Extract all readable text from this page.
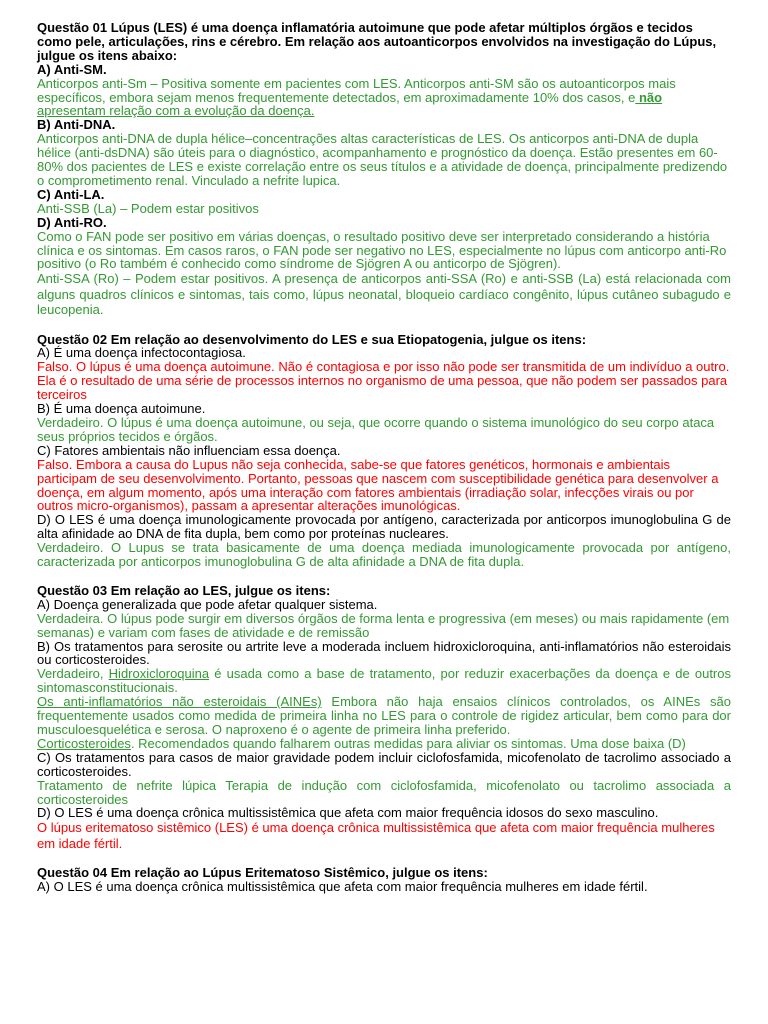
Questão 01 Lúpus (LES) é uma doença inflamatória autoimune que pode afetar múltiplos órgãos e tecidos como pele, articulações, rins e cérebro. Em relação aos autoanticorpos envolvidos na investigação do Lúpus, julgue os itens abaixo:

A) Anti-SM.

Anticorpos anti-Sm – Positiva somente em pacientes com LES. Anticorpos anti-SM são os autoanticorpos mais específicos, embora sejam menos frequentemente detectados, em aproximadamente 10% dos casos, e não apresentam relação com a evolução da doença.

B) Anti-DNA.

Anticorpos anti-DNA de dupla hélice–concentrações altas características de LES. Os anticorpos anti-DNA de dupla hélice (anti-dsDNA) são úteis para o diagnóstico, acompanhamento e prognóstico da doença. Estão presentes em 60-80% dos pacientes de LES e existe correlação entre os seus títulos e a atividade de doença, principalmente predizendo o comprometimento renal. Vinculado a nefrite lupica.

C) Anti-LA.

Anti-SSB (La) – Podem estar positivos

D) Anti-RO.

Como o FAN pode ser positivo em várias doenças, o resultado positivo deve ser interpretado considerando a história clínica e os sintomas. Em casos raros, o FAN pode ser negativo no LES, especialmente no lúpus com anticorpo anti-Ro positivo (o Ro também é conhecido como síndrome de Sjögren A ou anticorpo de Sjögren).

Anti-SSA (Ro) – Podem estar positivos. A presença de anticorpos anti-SSA (Ro) e anti-SSB (La) está relacionada com alguns quadros clínicos e sintomas, tais como, lúpus neonatal, bloqueio cardíaco congênito, lúpus cutâneo subagudo e leucopenia.

Questão 02 Em relação ao desenvolvimento do LES e sua Etiopatogenia, julgue os itens:

A) É uma doença infectocontagiosa.

Falso. O lúpus é uma doença autoimune. Não é contagiosa e por isso não pode ser transmitida de um indivíduo a outro. Ela é o resultado de uma série de processos internos no organismo de uma pessoa, que não podem ser passados para terceiros

B) É uma doença autoimune.

Verdadeiro. O lúpus é uma doença autoimune, ou seja, que ocorre quando o sistema imunológico do seu corpo ataca seus próprios tecidos e órgãos.

C) Fatores ambientais não influenciam essa doença.

Falso. Embora a causa do Lupus não seja conhecida, sabe-se que fatores genéticos, hormonais e ambientais participam de seu desenvolvimento. Portanto, pessoas que nascem com susceptibilidade genética para desenvolver a doença, em algum momento, após uma interação com fatores ambientais (irradiação solar, infecções virais ou por outros micro-organismos), passam a apresentar alterações imunológicas.

D) O LES é uma doença imunologicamente provocada por antígeno, caracterizada por anticorpos imunoglobulina G de alta afinidade ao DNA de fita dupla, bem como por proteínas nucleares.

Verdadeiro. O Lupus se trata basicamente de uma doença mediada imunologicamente provocada por antígeno, caracterizada por anticorpos imunoglobulina G de alta afinidade a DNA de fita dupla.

Questão 03 Em relação ao LES, julgue os itens:

A) Doença generalizada que pode afetar qualquer sistema.

Verdadeira. O lúpus pode surgir em diversos órgãos de forma lenta e progressiva (em meses) ou mais rapidamente (em semanas) e variam com fases de atividade e de remissão

B) Os tratamentos para serosite ou artrite leve a moderada incluem hidroxicloroquina, anti-inflamatórios não esteroidais ou corticosteroides.

Verdadeiro, Hidroxicloroquina é usada como a base de tratamento, por reduzir exacerbações da doença e de outros sintomasconstitucionais.

Os anti-inflamatórios não esteroidais (AINEs) Embora não haja ensaios clínicos controlados, os AINEs são frequentemente usados como medida de primeira linha no LES para o controle de rigidez articular, bem como para dor musculoesquelética e serosa. O naproxeno é o agente de primeira linha preferido.

Corticosteroides. Recomendados quando falharem outras medidas para aliviar os sintomas. Uma dose baixa (D)

C) Os tratamentos para casos de maior gravidade podem incluir ciclofosfamida, micofenolato de tacrolimo associado a corticosteroides.

Tratamento de nefrite lúpica Terapia de indução com ciclofosfamida, micofenolato ou tacrolimo associada a corticosteroides

D) O LES é uma doença crônica multissistêmica que afeta com maior frequência idosos do sexo masculino.

O lúpus eritematoso sistêmico (LES) é uma doença crônica multissistêmica que afeta com maior frequência mulheres em idade fértil.

Questão 04 Em relação ao Lúpus Eritematoso Sistêmico, julgue os itens:

A) O LES é uma doença crônica multissistêmica que afeta com maior frequência mulheres em idade fértil.
